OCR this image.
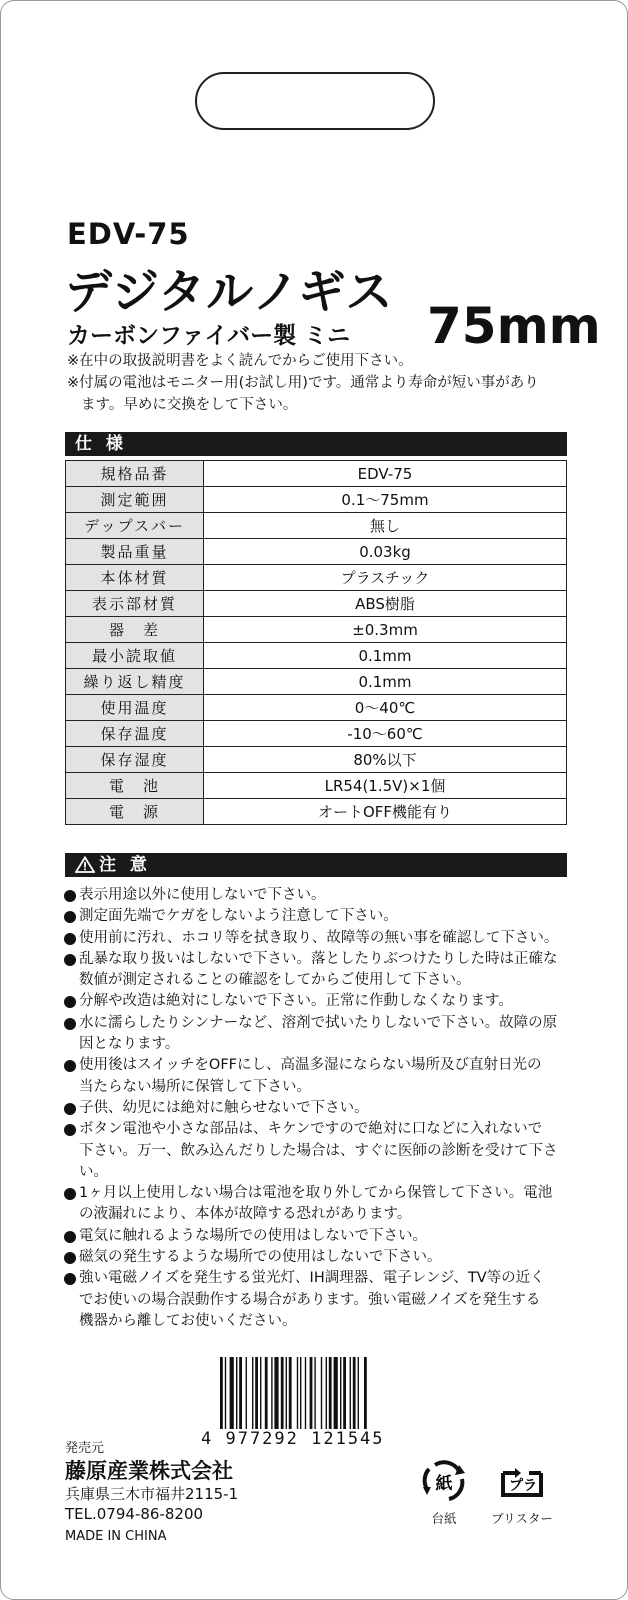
EDV-75
デジタルノギス
カーボンファイバー製 ミニ 75mm
※在中の取扱説明書をよく読んでからご使用下さい。
※付属の電池はモニター用(お試し用)です。通常より寿命が短い事があり
ます。早めに交換をして下さい。
仕 様
規格品番	EDV-75
測定範囲	0.1〜75mm
デップスバー	無し
製品重量	0.03kg
本体材質	プラスチック
表示部材質	ABS樹脂
器　差	±0.3mm
最小読取値	0.1mm
繰り返し精度	0.1mm
使用温度	0〜40℃
保存温度	-10〜60℃
保存湿度	80%以下
電　池	LR54(1.5V)×1個
電　源	オートOFF機能有り
注 意
表示用途以外に使用しないで下さい。
測定面先端でケガをしないよう注意して下さい。
使用前に汚れ、ホコリ等を拭き取り、故障等の無い事を確認して下さい。
乱暴な取り扱いはしないで下さい。落としたりぶつけたりした時は正確な
数値が測定されることの確認をしてからご使用して下さい。
分解や改造は絶対にしないで下さい。正常に作動しなくなります。
水に濡らしたりシンナーなど、溶剤で拭いたりしないで下さい。故障の原
因となります。
使用後はスイッチをOFFにし、高温多湿にならない場所及び直射日光の
当たらない場所に保管して下さい。
子供、幼児には絶対に触らせないで下さい。
ボタン電池や小さな部品は、キケンですので絶対に口などに入れないで
下さい。万一、飲み込んだりした場合は、すぐに医師の診断を受けて下さ
い。
1ヶ月以上使用しない場合は電池を取り外してから保管して下さい。電池
の液漏れにより、本体が故障する恐れがあります。
電気に触れるような場所での使用はしないで下さい。
磁気の発生するような場所での使用はしないで下さい。
強い電磁ノイズを発生する蛍光灯、IH調理器、電子レンジ、TV等の近く
でお使いの場合誤動作する場合があります。強い電磁ノイズを発生する
機器から離してお使いください。
4 977292 121545
発売元
藤原産業株式会社
兵庫県三木市福井2115-1
TEL.0794-86-8200
MADE IN CHINA
紙
台紙
プラ
ブリスター
